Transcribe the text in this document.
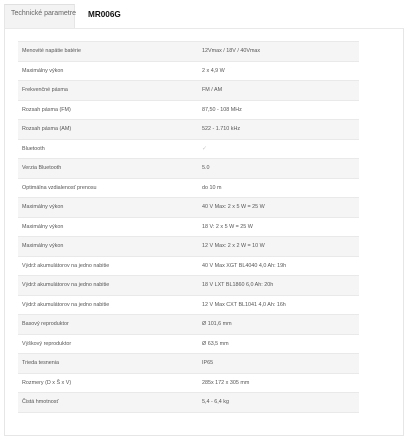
Technické parametre MR006G
Menovité napätie batérie	12Vmax / 18V / 40Vmax
Maximálny výkon	2 x 4,9 W
Frekvenčné pásma	FM / AM
Rozsah pásma (FM)	87,50 - 108 MHz
Rozsah pásma (AM)	522 - 1.710 kHz
Bluetooth	✓
Verzia Bluetooth	5.0
Optimálna vzdialenosť prenosu	do 10 m
Maximálny výkon	40 V Max: 2 x 5 W = 25 W
Maximálny výkon	18 V: 2 x 5 W = 25 W
Maximálny výkon	12 V Max: 2 x 2 W = 10 W
Výdrž akumulátorov na jedno nabitie	40 V Max XGT BL4040 4,0 Ah: 19h
Výdrž akumulátorov na jedno nabitie	18 V LXT BL1860 6,0 Ah: 20h
Výdrž akumulátorov na jedno nabitie	12 V Max CXT BL1041 4,0 Ah: 16h
Basový reproduktor	Ø 101,6 mm
Výškový reproduktor	Ø 63,5 mm
Trieda tesnenia	IP65
Rozmery (D x Š x V)	285x 172 x 305 mm
Čistá hmotnosť	5,4 - 6,4 kg
